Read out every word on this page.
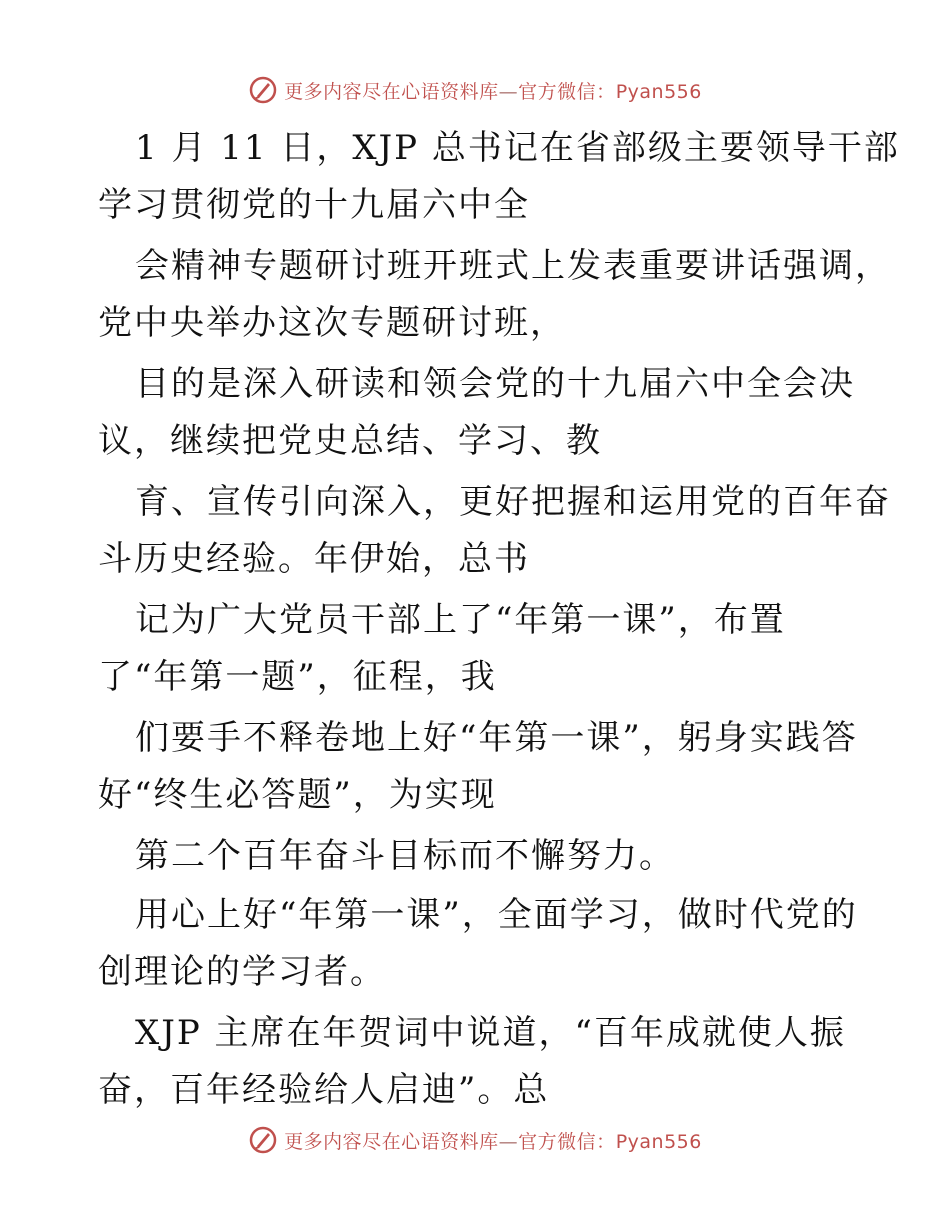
更多内容尽在心语资料库—官方微信：Pyan556
1 月 11 日，XJP 总书记在省部级主要领导干部
学习贯彻党的十九届六中全
会精神专题研讨班开班式上发表重要讲话强调，
党中央举办这次专题研讨班，
目的是深入研读和领会党的十九届六中全会决
议，继续把党史总结、学习、教
育、宣传引向深入，更好把握和运用党的百年奋
斗历史经验。年伊始，总书
记为广大党员干部上了“年第一课”，布置
了“年第一题”，征程，我
们要手不释卷地上好“年第一课”，躬身实践答
好“终生必答题”，为实现
第二个百年奋斗目标而不懈努力。
用心上好“年第一课”，全面学习，做时代党的
创理论的学习者。
XJP 主席在年贺词中说道，“百年成就使人振
奋，百年经验给人启迪”。总
更多内容尽在心语资料库—官方微信：Pyan556
